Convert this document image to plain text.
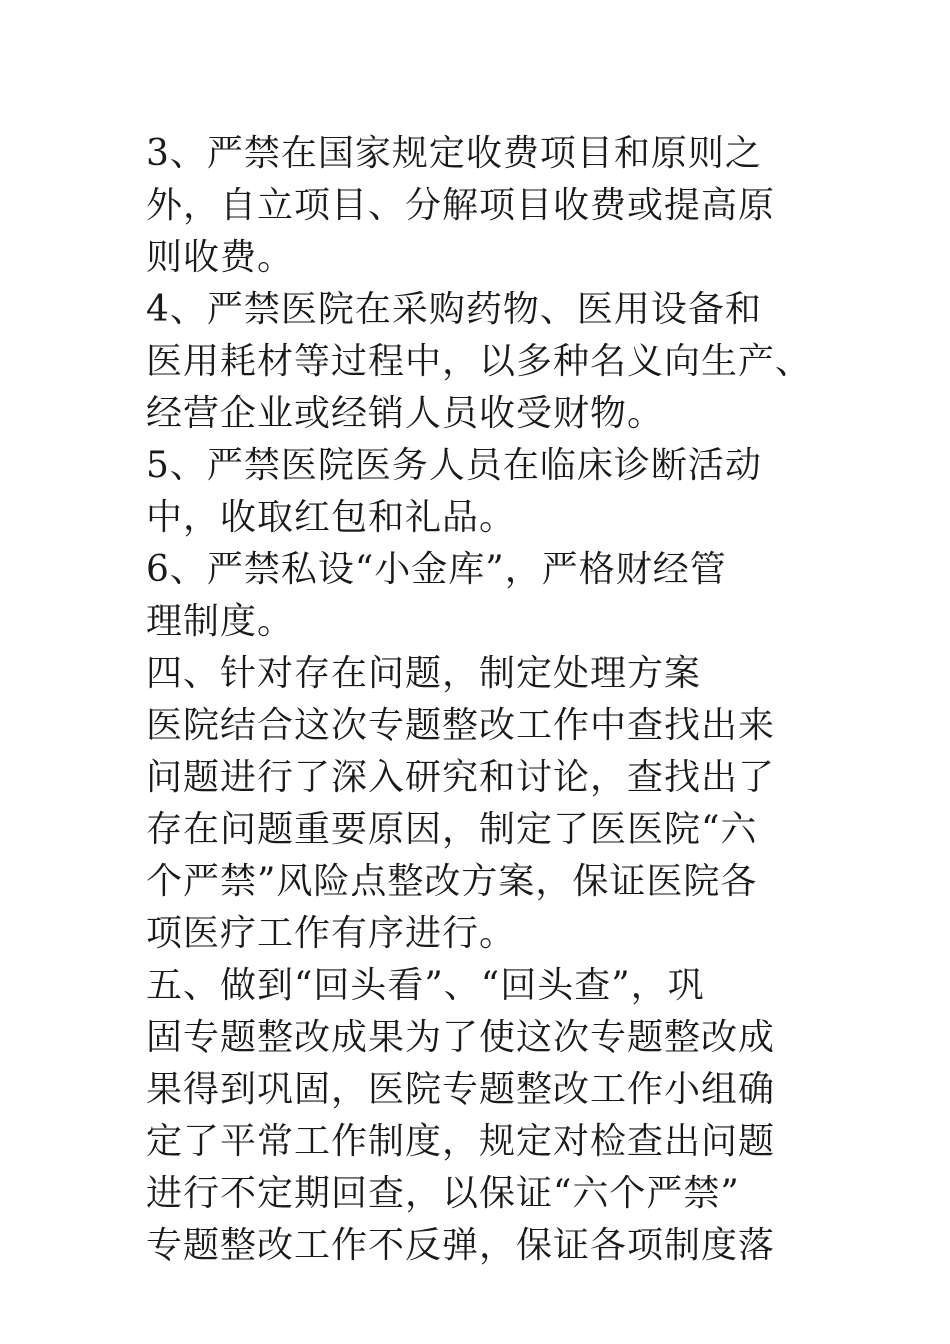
3、严禁在国家规定收费项目和原则之
外，自立项目、分解项目收费或提高原
则收费。
4、严禁医院在采购药物、医用设备和
医用耗材等过程中，以多种名义向生产、
经营企业或经销人员收受财物。
5、严禁医院医务人员在临床诊断活动
中，收取红包和礼品。
6、严禁私设“小金库”，严格财经管
理制度。
四、针对存在问题，制定处理方案
医院结合这次专题整改工作中查找出来
问题进行了深入研究和讨论，查找出了
存在问题重要原因，制定了医医院“六
个严禁”风险点整改方案，保证医院各
项医疗工作有序进行。
五、做到“回头看”、“回头查”，巩
固专题整改成果为了使这次专题整改成
果得到巩固，医院专题整改工作小组确
定了平常工作制度，规定对检查出问题
进行不定期回查，以保证“六个严禁”
专题整改工作不反弹，保证各项制度落
